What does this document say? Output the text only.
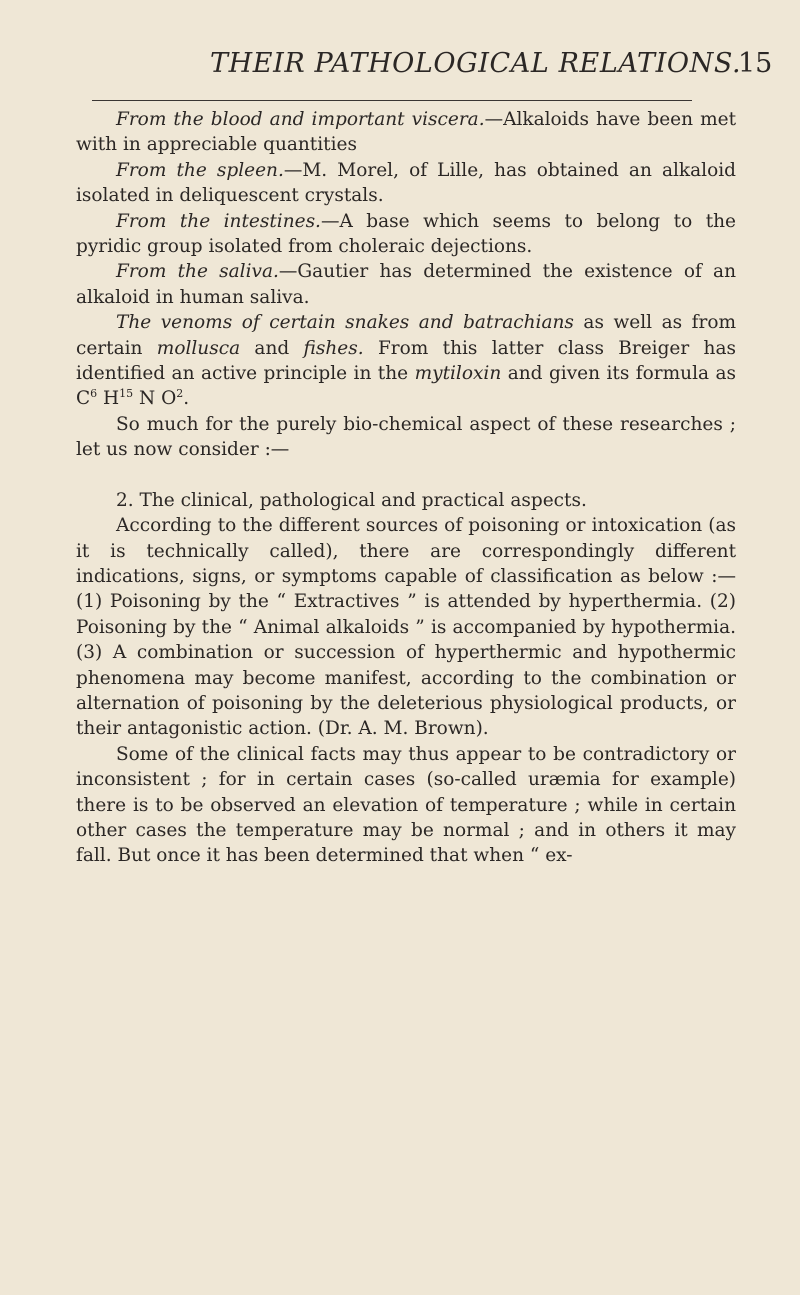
THEIR PATHOLOGICAL RELATIONS.
15

From the blood and important viscera.—Alkaloids have been met with in appreciable quantities

From the spleen.—M. Morel, of Lille, has obtained an alkaloid isolated in deliquescent crystals.

From the intestines.—A base which seems to belong to the pyridic group isolated from choleraic dejections.

From the saliva.—Gautier has determined the existence of an alkaloid in human saliva.

The venoms of certain snakes and batrachians as well as from certain mollusca and fishes. From this latter class Breiger has identified an active principle in the mytiloxin and given its formula as $C^6$ $H^{15}$ N $O^2$.

So much for the purely bio-chemical aspect of these researches ; let us now consider :—

2. The clinical, pathological and practical aspects.

According to the different sources of poisoning or intoxication (as it is technically called), there are correspondingly different indications, signs, or symptoms capable of classification as below :—(1) Poisoning by the “ Extractives ” is attended by hyperthermia. (2) Poisoning by the “ Animal alkaloids ” is accompanied by hypothermia. (3) A combination or succession of hyperthermic and hypothermic phenomena may become manifest, according to the combination or alternation of poisoning by the deleterious physiological products, or their antagonistic action. (Dr. A. M. Brown).

Some of the clinical facts may thus appear to be contradictory or inconsistent ; for in certain cases (so-called uræmia for example) there is to be observed an elevation of temperature ; while in certain other cases the temperature may be normal ; and in others it may fall. But once it has been determined that when “ ex-
